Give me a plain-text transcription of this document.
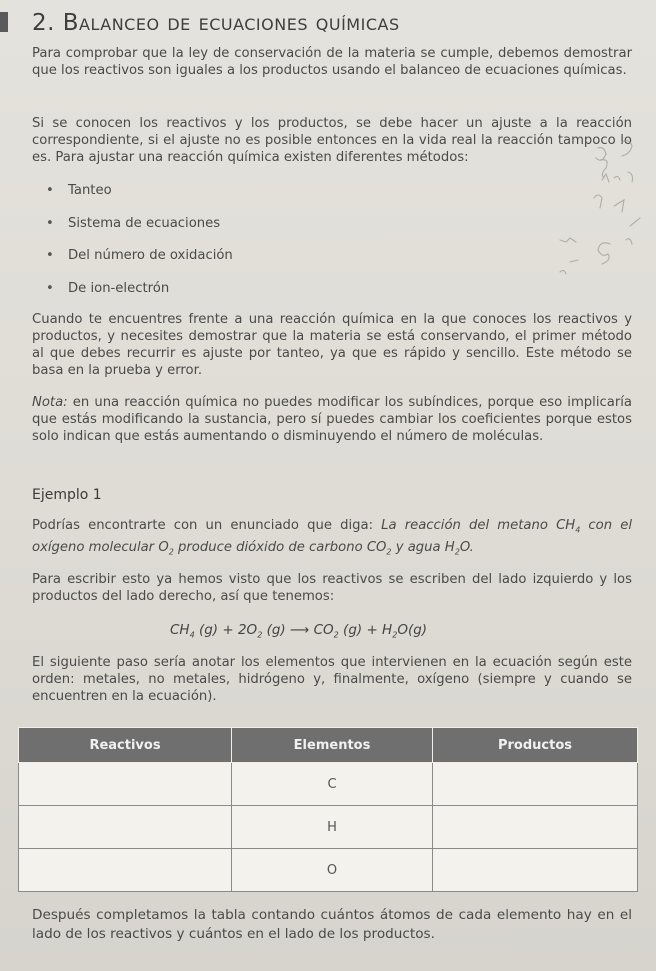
2. Balanceo de ecuaciones químicas

Para comprobar que la ley de conservación de la materia se cumple, debemos demostrar que los reactivos son iguales a los productos usando el balanceo de ecuaciones químicas.

Si se conocen los reactivos y los productos, se debe hacer un ajuste a la reacción correspondiente, si el ajuste no es posible entonces en la vida real la reacción tampoco lo es. Para ajustar una reacción química existen diferentes métodos:

• Tanteo
• Sistema de ecuaciones
• Del número de oxidación
• De ion-electrón

Cuando te encuentres frente a una reacción química en la que conoces los reactivos y productos, y necesites demostrar que la materia se está conservando, el primer método al que debes recurrir es ajuste por tanteo, ya que es rápido y sencillo. Este método se basa en la prueba y error.

Nota: en una reacción química no puedes modificar los subíndices, porque eso implicaría que estás modificando la sustancia, pero sí puedes cambiar los coeficientes porque estos solo indican que estás aumentando o disminuyendo el número de moléculas.

Ejemplo 1

Podrías encontrarte con un enunciado que diga: La reacción del metano $CH_4$ con el oxígeno molecular $O_2$ produce dióxido de carbono $CO_2$ y agua $H_2O$.

Para escribir esto ya hemos visto que los reactivos se escriben del lado izquierdo y los productos del lado derecho, así que tenemos:

$CH_4$ $(g) + 2O_2$ (g) ⟶ $CO_2$ $(g) + H_2O(g)$

El siguiente paso sería anotar los elementos que intervienen en la ecuación según este orden: metales, no metales, hidrógeno y, finalmente, oxígeno (siempre y cuando se encuentren en la ecuación).

Reactivos	Elementos	Productos
	C	
	H	
	O	

Después completamos la tabla contando cuántos átomos de cada elemento hay en el lado de los reactivos y cuántos en el lado de los productos.
